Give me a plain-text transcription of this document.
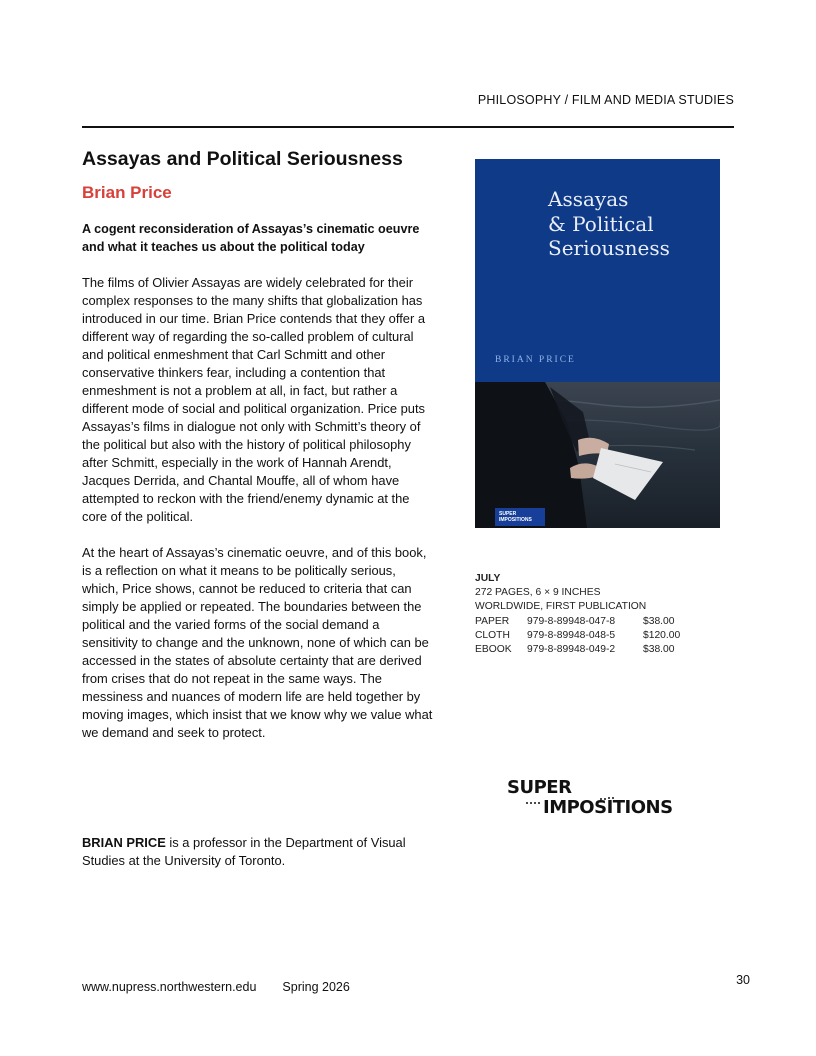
PHILOSOPHY / FILM AND MEDIA STUDIES
Assayas and Political Seriousness
Brian Price

A cogent reconsideration of Assayas’s cinematic oeuvre and what it teaches us about the political today

The films of Olivier Assayas are widely celebrated for their complex responses to the many shifts that globalization has introduced in our time. Brian Price contends that they offer a different way of regarding the so-called problem of cultural and political enmeshment that Carl Schmitt and other conservative thinkers fear, including a contention that enmeshment is not a problem at all, in fact, but rather a different mode of social and political organization. Price puts Assayas’s films in dialogue not only with Schmitt’s theory of the political but also with the history of political philosophy after Schmitt, especially in the work of Hannah Arendt, Jacques Derrida, and Chantal Mouffe, all of whom have attempted to reckon with the friend/enemy dynamic at the core of the political.

At the heart of Assayas’s cinematic oeuvre, and of this book, is a reflection on what it means to be politically serious, which, Price shows, cannot be reduced to criteria that can simply be applied or repeated. The boundaries between the political and the varied forms of the social demand a sensitivity to change and the unknown, none of which can be accessed in the states of absolute certainty that are derived from crises that do not repeat in the same ways. The messiness and nuances of modern life are held together by moving images, which insist that we know why we value what we demand and seek to protect.

BRIAN PRICE is a professor in the Department of Visual Studies at the University of Toronto.

Assayas
& Political
Seriousness
BRIAN PRICE
SUPER
IMPOSITIONS
JULY
272 PAGES, 6 × 9 INCHES
WORLDWIDE, FIRST PUBLICATION
PAPER	979-8-89948-047-8	$38.00
CLOTH	979-8-89948-048-5	$120.00
EBOOK	979-8-89948-049-2	$38.00
SUPER
IMPOSITIONS
www.nupress.northwestern.edu Spring 2026	30
